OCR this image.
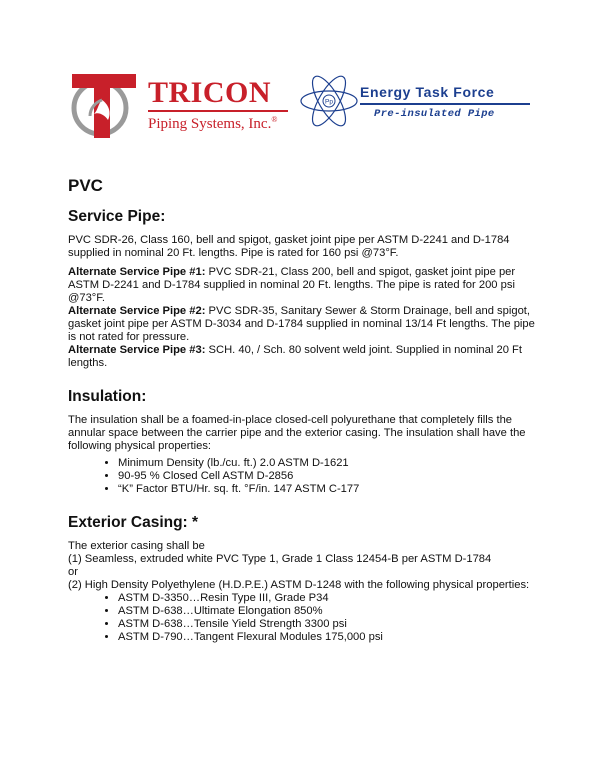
TRICON
Piping Systems, Inc.®
Pp
Energy Task Force
Pre-insulated Pipe
PVC
Service Pipe:

PVC SDR-26, Class 160, bell and spigot, gasket joint pipe per ASTM D-2241 and D-1784 supplied in nominal 20 Ft. lengths. Pipe is rated for 160 psi @73°F.

Alternate Service Pipe #1: PVC SDR-21, Class 200, bell and spigot, gasket joint pipe per ASTM D-2241 and D-1784 supplied in nominal 20 Ft. lengths. The pipe is rated for 200 psi @73°F.

Alternate Service Pipe #2: PVC SDR-35, Sanitary Sewer & Storm Drainage, bell and spigot, gasket joint pipe per ASTM D-3034 and D-1784 supplied in nominal 13/14 Ft lengths. The pipe is not rated for pressure.

Alternate Service Pipe #3: SCH. 40, / Sch. 80 solvent weld joint. Supplied in nominal 20 Ft lengths.

Insulation:

The insulation shall be a foamed-in-place closed-cell polyurethane that completely fills the annular space between the carrier pipe and the exterior casing. The insulation shall have the following physical properties:

• Minimum Density (lb./cu. ft.) 2.0 ASTM D-1621
• 90-95 % Closed Cell ASTM D-2856
• “K” Factor BTU/Hr. sq. ft. °F/in. 147 ASTM C-177
Exterior Casing: *

The exterior casing shall be

(1) Seamless, extruded white PVC Type 1, Grade 1 Class 12454-B per ASTM D-1784

or

(2) High Density Polyethylene (H.D.P.E.) ASTM D-1248 with the following physical properties:

• ASTM D-3350…Resin Type III, Grade P34
• ASTM D-638…Ultimate Elongation 850%
• ASTM D-638…Tensile Yield Strength 3300 psi
• ASTM D-790…Tangent Flexural Modules 175,000 psi
